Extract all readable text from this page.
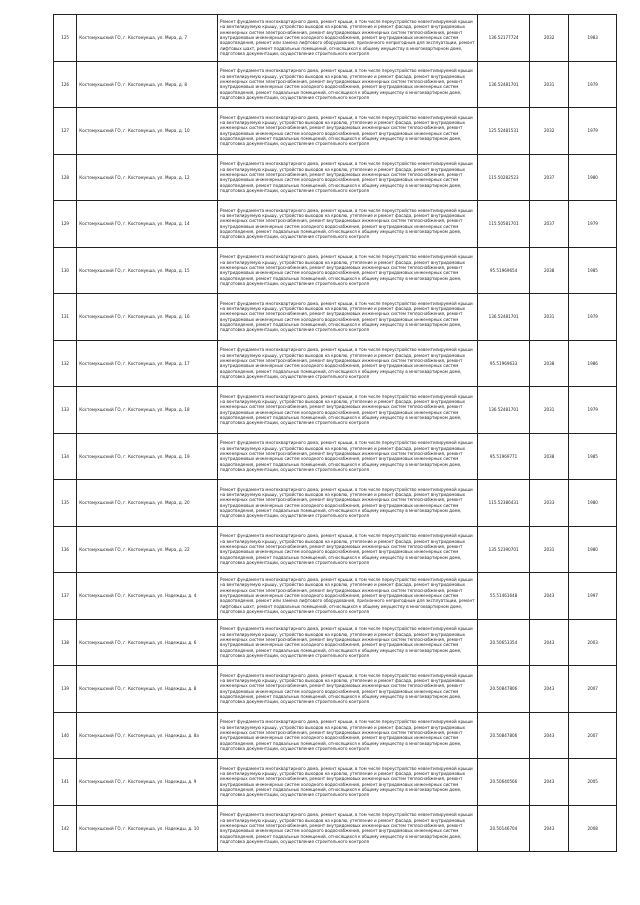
125	Костомукшский ГО, г. Костомукша, ул. Мира, д. 7	Ремонт фундамента многоквартирного дома, ремонт крыши, в том числе переустройство невентилируемой крыши на вентилируемую крышу, устройство выходов на кровлю, утепление и ремонт фасада, ремонт внутридомовых инженерных систем электроснабжения, ремонт внутридомовых инженерных систем теплоснабжения, ремонт внутридомовых инженерных систем холодного водоснабжения, ремонт внутридомовых инженерных систем водоотведения, ремонт или замена лифтового оборудования, признанного непригодным для эксплуатации, ремонт лифтовых шахт, ремонт подвальных помещений, относящихся к общему имуществу в многоквартирном доме, подготовка документации, осуществление строительного контроля	136.52177724	2032	1983
126	Костомукшский ГО, г. Костомукша, ул. Мира, д. 8	Ремонт фундамента многоквартирного дома, ремонт крыши, в том числе переустройство невентилируемой крыши на вентилируемую крышу, устройство выходов на кровлю, утепление и ремонт фасада, ремонт внутридомовых инженерных систем электроснабжения, ремонт внутридомовых инженерных систем теплоснабжения, ремонт внутридомовых инженерных систем холодного водоснабжения, ремонт внутридомовых инженерных систем водоотведения, ремонт подвальных помещений, относящихся к общему имуществу в многоквартирном доме, подготовка документации, осуществление строительного контроля	136.52481701	2031	1979
127	Костомукшский ГО, г. Костомукша, ул. Мира, д. 10	Ремонт фундамента многоквартирного дома, ремонт крыши, в том числе переустройство невентилируемой крыши на вентилируемую крышу, устройство выходов на кровлю, утепление и ремонт фасада, ремонт внутридомовых инженерных систем электроснабжения, ремонт внутридомовых инженерных систем теплоснабжения, ремонт внутридомовых инженерных систем холодного водоснабжения, ремонт внутридомовых инженерных систем водоотведения, ремонт подвальных помещений, относящихся к общему имуществу в многоквартирном доме, подготовка документации, осуществление строительного контроля	125.52481531	2032	1979
128	Костомукшский ГО, г. Костомукша, ул. Мира, д. 12	Ремонт фундамента многоквартирного дома, ремонт крыши, в том числе переустройство невентилируемой крыши на вентилируемую крышу, устройство выходов на кровлю, утепление и ремонт фасада, ремонт внутридомовых инженерных систем электроснабжения, ремонт внутридомовых инженерных систем теплоснабжения, ремонт внутридомовых инженерных систем холодного водоснабжения, ремонт внутридомовых инженерных систем водоотведения, ремонт подвальных помещений, относящихся к общему имуществу в многоквартирном доме, подготовка документации, осуществление строительного контроля	115.50282523	2037	1980
129	Костомукшский ГО, г. Костомукша, ул. Мира, д. 14	Ремонт фундамента многоквартирного дома, ремонт крыши, в том числе переустройство невентилируемой крыши на вентилируемую крышу, устройство выходов на кровлю, утепление и ремонт фасада, ремонт внутридомовых инженерных систем электроснабжения, ремонт внутридомовых инженерных систем теплоснабжения, ремонт внутридомовых инженерных систем холодного водоснабжения, ремонт внутридомовых инженерных систем водоотведения, ремонт подвальных помещений, относящихся к общему имуществу в многоквартирном доме, подготовка документации, осуществление строительного контроля	115.50581701	2037	1979
130	Костомукшский ГО, г. Костомукша, ул. Мира, д. 15	Ремонт фундамента многоквартирного дома, ремонт крыши, в том числе переустройство невентилируемой крыши на вентилируемую крышу, устройство выходов на кровлю, утепление и ремонт фасада, ремонт внутридомовых инженерных систем электроснабжения, ремонт внутридомовых инженерных систем теплоснабжения, ремонт внутридомовых инженерных систем холодного водоснабжения, ремонт внутридомовых инженерных систем водоотведения, ремонт подвальных помещений, относящихся к общему имуществу в многоквартирном доме, подготовка документации, осуществление строительного контроля	95.51969654	2038	1985
131	Костомукшский ГО, г. Костомукша, ул. Мира, д. 16	Ремонт фундамента многоквартирного дома, ремонт крыши, в том числе переустройство невентилируемой крыши на вентилируемую крышу, устройство выходов на кровлю, утепление и ремонт фасада, ремонт внутридомовых инженерных систем электроснабжения, ремонт внутридомовых инженерных систем теплоснабжения, ремонт внутридомовых инженерных систем холодного водоснабжения, ремонт внутридомовых инженерных систем водоотведения, ремонт подвальных помещений, относящихся к общему имуществу в многоквартирном доме, подготовка документации, осуществление строительного контроля	136.52481701	2031	1979
132	Костомукшский ГО, г. Костомукша, ул. Мира, д. 17	Ремонт фундамента многоквартирного дома, ремонт крыши, в том числе переустройство невентилируемой крыши на вентилируемую крышу, устройство выходов на кровлю, утепление и ремонт фасада, ремонт внутридомовых инженерных систем электроснабжения, ремонт внутридомовых инженерных систем теплоснабжения, ремонт внутридомовых инженерных систем холодного водоснабжения, ремонт внутридомовых инженерных систем водоотведения, ремонт подвальных помещений, относящихся к общему имуществу в многоквартирном доме, подготовка документации, осуществление строительного контроля	95.51969633	2038	1986
133	Костомукшский ГО, г. Костомукша, ул. Мира, д. 18	Ремонт фундамента многоквартирного дома, ремонт крыши, в том числе переустройство невентилируемой крыши на вентилируемую крышу, устройство выходов на кровлю, утепление и ремонт фасада, ремонт внутридомовых инженерных систем электроснабжения, ремонт внутридомовых инженерных систем теплоснабжения, ремонт внутридомовых инженерных систем холодного водоснабжения, ремонт внутридомовых инженерных систем водоотведения, ремонт подвальных помещений, относящихся к общему имуществу в многоквартирном доме, подготовка документации, осуществление строительного контроля	136.52481701	2031	1979
134	Костомукшский ГО, г. Костомукша, ул. Мира, д. 19	Ремонт фундамента многоквартирного дома, ремонт крыши, в том числе переустройство невентилируемой крыши на вентилируемую крышу, устройство выходов на кровлю, утепление и ремонт фасада, ремонт внутридомовых инженерных систем электроснабжения, ремонт внутридомовых инженерных систем теплоснабжения, ремонт внутридомовых инженерных систем холодного водоснабжения, ремонт внутридомовых инженерных систем водоотведения, ремонт подвальных помещений, относящихся к общему имуществу в многоквартирном доме, подготовка документации, осуществление строительного контроля	95.51969771	2038	1985
135	Костомукшский ГО, г. Костомукша, ул. Мира, д. 20	Ремонт фундамента многоквартирного дома, ремонт крыши, в том числе переустройство невентилируемой крыши на вентилируемую крышу, устройство выходов на кровлю, утепление и ремонт фасада, ремонт внутридомовых инженерных систем электроснабжения, ремонт внутридомовых инженерных систем теплоснабжения, ремонт внутридомовых инженерных систем холодного водоснабжения, ремонт внутридомовых инженерных систем водоотведения, ремонт подвальных помещений, относящихся к общему имуществу в многоквартирном доме, подготовка документации, осуществление строительного контроля	115.52386431	2033	1980
136	Костомукшский ГО, г. Костомукша, ул. Мира, д. 22	Ремонт фундамента многоквартирного дома, ремонт крыши, в том числе переустройство невентилируемой крыши на вентилируемую крышу, устройство выходов на кровлю, утепление и ремонт фасада, ремонт внутридомовых инженерных систем электроснабжения, ремонт внутридомовых инженерных систем теплоснабжения, ремонт внутридомовых инженерных систем холодного водоснабжения, ремонт внутридомовых инженерных систем водоотведения, ремонт подвальных помещений, относящихся к общему имуществу в многоквартирном доме, подготовка документации, осуществление строительного контроля	135.52390701	2031	1980
137	Костомукшский ГО, г. Костомукша, ул. Надежды, д. 4	Ремонт фундамента многоквартирного дома, ремонт крыши, в том числе переустройство невентилируемой крыши на вентилируемую крышу, устройство выходов на кровлю, утепление и ремонт фасада, ремонт внутридомовых инженерных систем электроснабжения, ремонт внутридомовых инженерных систем теплоснабжения, ремонт внутридомовых инженерных систем холодного водоснабжения, ремонт внутридомовых инженерных систем водоотведения, ремонт или замена лифтового оборудования, признанного непригодным для эксплуатации, ремонт лифтовых шахт, ремонт подвальных помещений, относящихся к общему имуществу в многоквартирном доме, подготовка документации, осуществление строительного контроля	55.51461648	2043	1997
138	Костомукшский ГО, г. Костомукша, ул. Надежды, д. 6	Ремонт фундамента многоквартирного дома, ремонт крыши, в том числе переустройство невентилируемой крыши на вентилируемую крышу, устройство выходов на кровлю, утепление и ремонт фасада, ремонт внутридомовых инженерных систем электроснабжения, ремонт внутридомовых инженерных систем теплоснабжения, ремонт внутридомовых инженерных систем холодного водоснабжения, ремонт внутридомовых инженерных систем водоотведения, ремонт подвальных помещений, относящихся к общему имуществу в многоквартирном доме, подготовка документации, осуществление строительного контроля	20.50653354	2043	2003
139	Костомукшский ГО, г. Костомукша, ул. Надежды, д. 8	Ремонт фундамента многоквартирного дома, ремонт крыши, в том числе переустройство невентилируемой крыши на вентилируемую крышу, устройство выходов на кровлю, утепление и ремонт фасада, ремонт внутридомовых инженерных систем электроснабжения, ремонт внутридомовых инженерных систем теплоснабжения, ремонт внутридомовых инженерных систем холодного водоснабжения, ремонт внутридомовых инженерных систем водоотведения, ремонт подвальных помещений, относящихся к общему имуществу в многоквартирном доме, подготовка документации, осуществление строительного контроля	20.50847806	2043	2007
140	Костомукшский ГО, г. Костомукша, ул. Надежды, д. 8а	Ремонт фундамента многоквартирного дома, ремонт крыши, в том числе переустройство невентилируемой крыши на вентилируемую крышу, устройство выходов на кровлю, утепление и ремонт фасада, ремонт внутридомовых инженерных систем электроснабжения, ремонт внутридомовых инженерных систем теплоснабжения, ремонт внутридомовых инженерных систем холодного водоснабжения, ремонт внутридомовых инженерных систем водоотведения, ремонт подвальных помещений, относящихся к общему имуществу в многоквартирном доме, подготовка документации, осуществление строительного контроля	20.50847806	2043	2007
141	Костомукшский ГО, г. Костомукша, ул. Надежды, д. 9	Ремонт фундамента многоквартирного дома, ремонт крыши, в том числе переустройство невентилируемой крыши на вентилируемую крышу, устройство выходов на кровлю, утепление и ремонт фасада, ремонт внутридомовых инженерных систем электроснабжения, ремонт внутридомовых инженерных систем теплоснабжения, ремонт внутридомовых инженерных систем холодного водоснабжения, ремонт внутридомовых инженерных систем водоотведения, ремонт подвальных помещений, относящихся к общему имуществу в многоквартирном доме, подготовка документации, осуществление строительного контроля	20.50640566	2043	2005
142	Костомукшский ГО, г. Костомукша, ул. Надежды, д. 10	Ремонт фундамента многоквартирного дома, ремонт крыши, в том числе переустройство невентилируемой крыши на вентилируемую крышу, устройство выходов на кровлю, утепление и ремонт фасада, ремонт внутридомовых инженерных систем электроснабжения, ремонт внутридомовых инженерных систем теплоснабжения, ремонт внутридомовых инженерных систем холодного водоснабжения, ремонт внутридомовых инженерных систем водоотведения, ремонт подвальных помещений, относящихся к общему имуществу в многоквартирном доме, подготовка документации, осуществление строительного контроля	20.50146704	2043	2008
